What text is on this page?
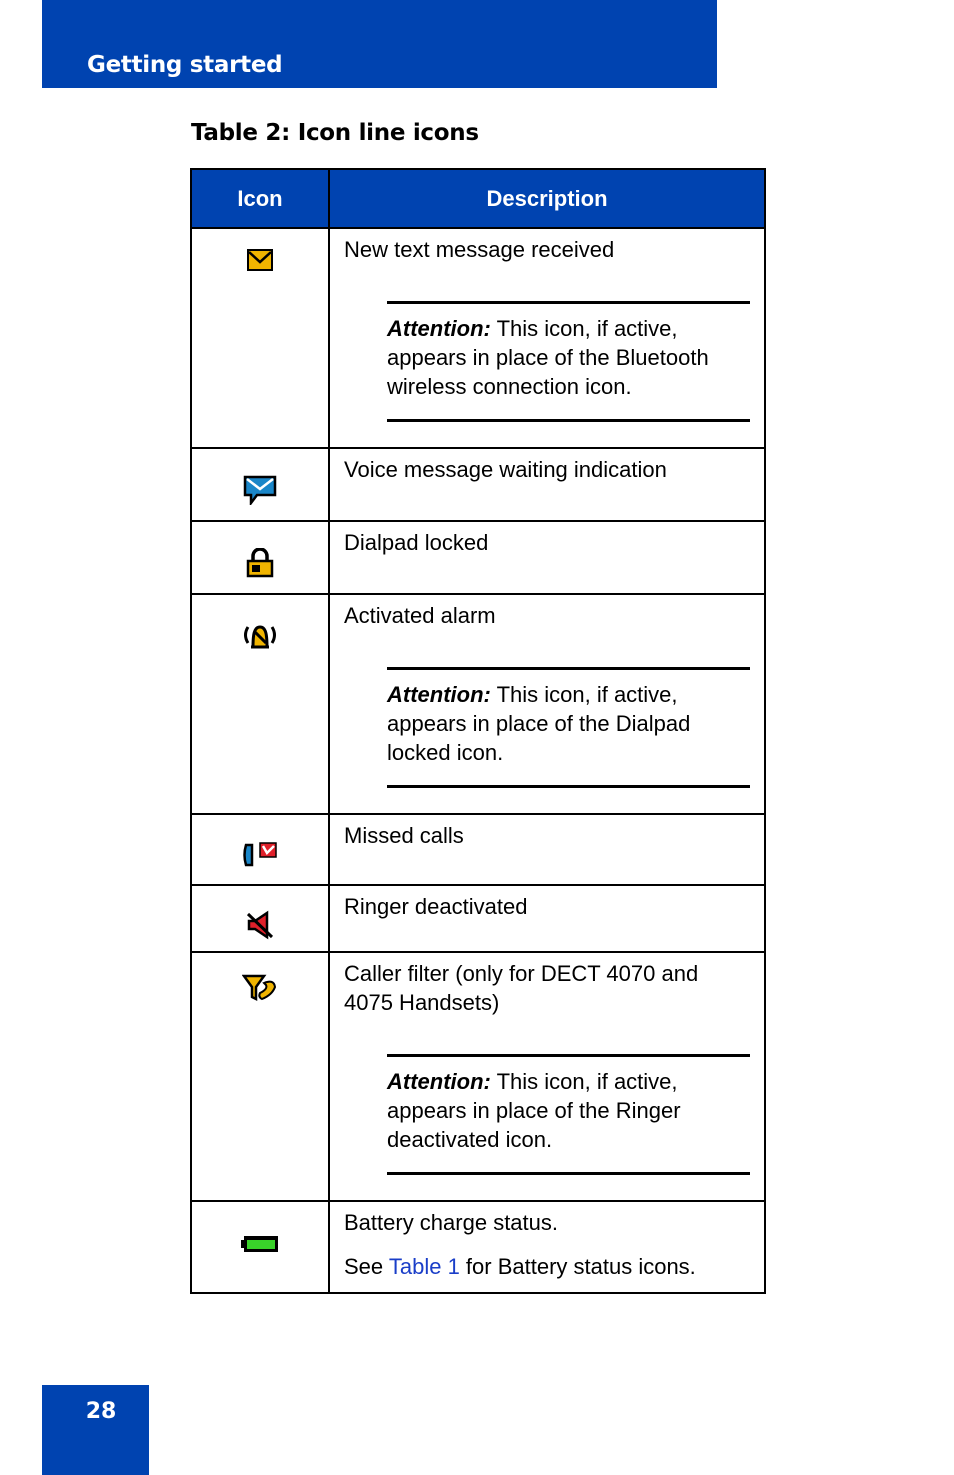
Getting started
Table 2: Icon line icons
Icon	Description

New text message received
Attention: This icon, if active, appears in place of the Bluetooth wireless connection icon.

Voice message waiting indication

Dialpad locked

Activated alarm
Attention: This icon, if active, appears in place of the Dialpad locked icon.

Missed calls

Ringer deactivated

Caller filter (only for DECT 4070 and 4075 Handsets)
Attention: This icon, if active, appears in place of the Ringer deactivated icon.

Battery charge status.
See Table 1 for Battery status icons.
28
